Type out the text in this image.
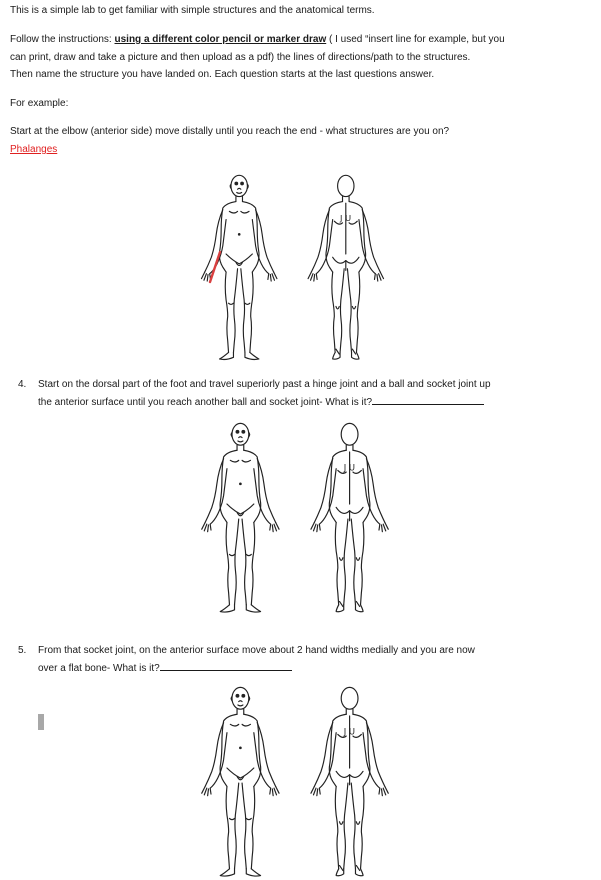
This is a simple lab to get familiar with simple structures and the anatomical terms.
Follow the instructions: using a different color pencil or marker draw ( I used “insert line for example, but you
can print, draw and take a picture and then upload as a pdf) the lines of directions/path to the structures.
Then name the structure you have landed on. Each question starts at the last questions answer.
For example:
Start at the elbow (anterior side) move distally until you reach the end - what structures are you on?
Phalanges
J U
4. Start on the dorsal part of the foot and travel superiorly past a hinge joint and a ball and socket joint up
the anterior surface until you reach another ball and socket joint- What is it?
J U
5. From that socket joint, on the anterior surface move about 2 hand widths medially and you are now
over a flat bone- What is it?
J U
